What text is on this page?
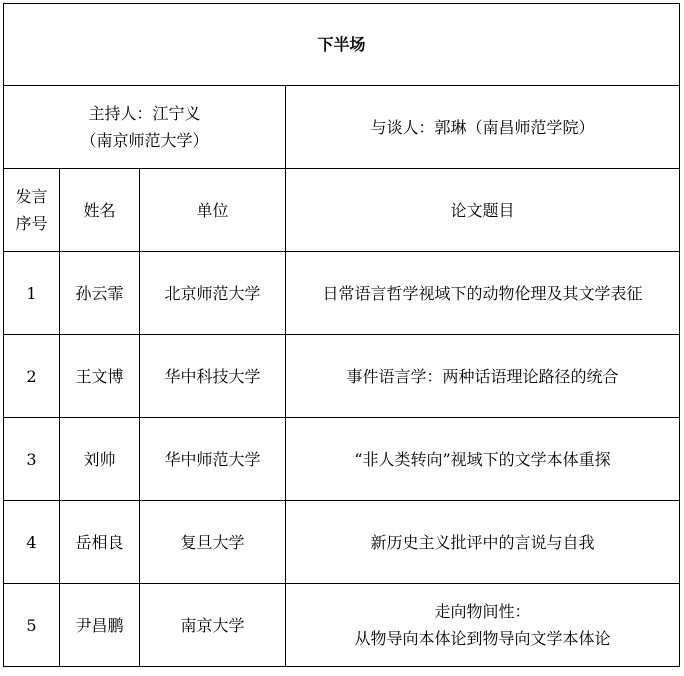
下半场			

主持人：江宁义
（南京师范大学）			与谈人：郭琳（南昌师范学院）

发言
序号	姓名	单位	论文题目
1	孙云霏	北京师范大学	日常语言哲学视域下的动物伦理及其文学表征

2	王文博	华中科技大学	事件语言学：两种话语理论路径的统合

3	刘帅	华中师范大学	“非人类转向”视域下的文学本体重探

4	岳相良	复旦大学	新历史主义批评中的言说与自我

5	尹昌鹏	南京大学	走向物间性：
从物导向本体论到物导向文学本体论
